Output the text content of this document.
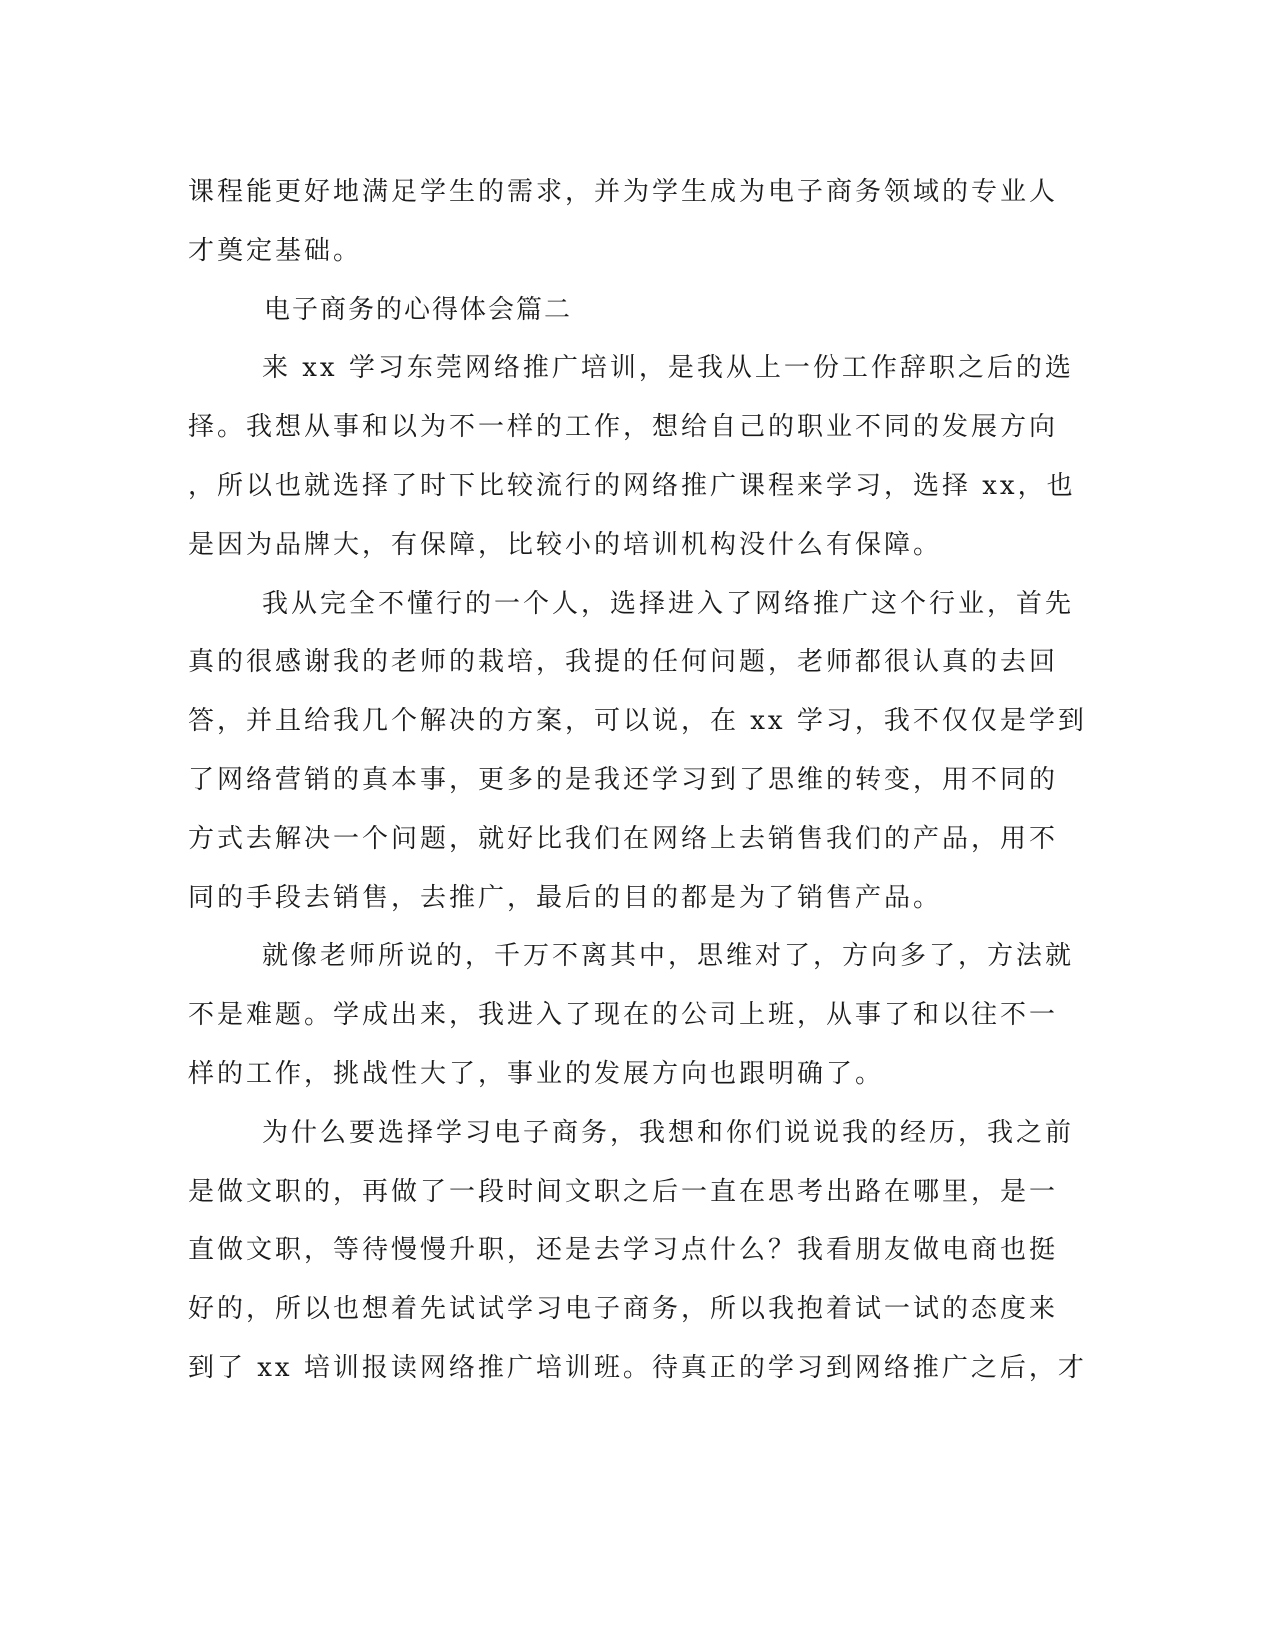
课程能更好地满足学生的需求，并为学生成为电子商务领域的专业人
才奠定基础。
电子商务的心得体会篇二
来 xx 学习东莞网络推广培训，是我从上一份工作辞职之后的选
择。我想从事和以为不一样的工作，想给自己的职业不同的发展方向
，所以也就选择了时下比较流行的网络推广课程来学习，选择 xx，也
是因为品牌大，有保障，比较小的培训机构没什么有保障。
我从完全不懂行的一个人，选择进入了网络推广这个行业，首先
真的很感谢我的老师的栽培，我提的任何问题，老师都很认真的去回
答，并且给我几个解决的方案，可以说，在 xx 学习，我不仅仅是学到
了网络营销的真本事，更多的是我还学习到了思维的转变，用不同的
方式去解决一个问题，就好比我们在网络上去销售我们的产品，用不
同的手段去销售，去推广，最后的目的都是为了销售产品。
就像老师所说的，千万不离其中，思维对了，方向多了，方法就
不是难题。学成出来，我进入了现在的公司上班，从事了和以往不一
样的工作，挑战性大了，事业的发展方向也跟明确了。
为什么要选择学习电子商务，我想和你们说说我的经历，我之前
是做文职的，再做了一段时间文职之后一直在思考出路在哪里，是一
直做文职，等待慢慢升职，还是去学习点什么？我看朋友做电商也挺
好的，所以也想着先试试学习电子商务，所以我抱着试一试的态度来
到了 xx 培训报读网络推广培训班。待真正的学习到网络推广之后，才
